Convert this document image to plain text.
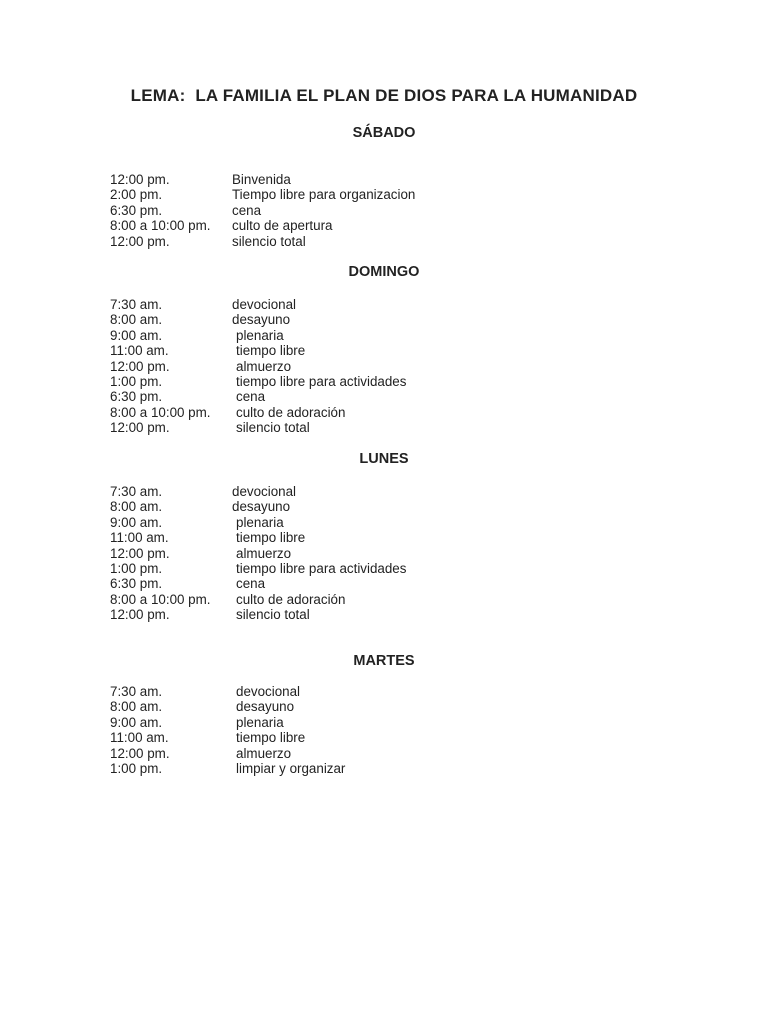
LEMA:  LA FAMILIA EL PLAN DE DIOS PARA LA HUMANIDAD
SÁBADO
12:00 pm.	Binvenida
2:00 pm.	Tiempo libre para organizacion
6:30 pm.	cena
8:00 a 10:00 pm. culto de apertura
12:00 pm.	silencio total
DOMINGO
7:30 am.	devocional
8:00 am.	desayuno
9:00 am.	plenaria
11:00 am.	tiempo libre
12:00 pm.	almuerzo
1:00 pm.	tiempo libre para actividades
6:30 pm.	cena
8:00 a 10:00 pm. culto de adoración
12:00 pm.	silencio total
LUNES
7:30 am.	devocional
8:00 am.	desayuno
9:00 am.	plenaria
11:00 am.	tiempo libre
12:00 pm.	almuerzo
1:00 pm.	tiempo libre para actividades
6:30 pm.	cena
8:00 a 10:00 pm. culto de adoración
12:00 pm.	silencio total
MARTES
7:30 am.	devocional
8:00 am.	desayuno
9:00 am.	plenaria
11:00 am.	tiempo libre
12:00 pm.	almuerzo
1:00 pm.	limpiar y organizar
